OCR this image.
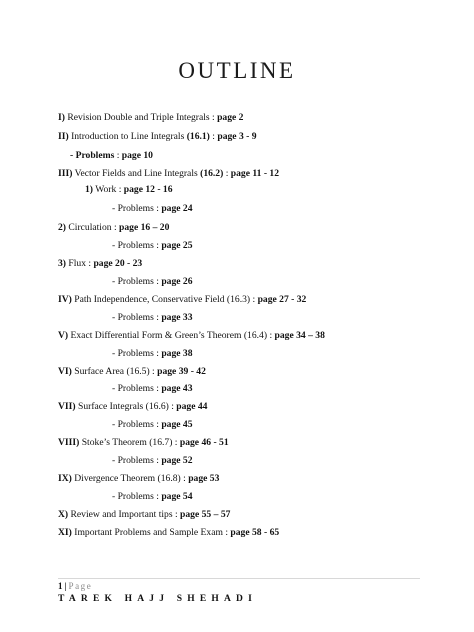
OUTLINE
I) Revision Double and Triple Integrals : page 2
II) Introduction to Line Integrals (16.1) : page 3 - 9
- Problems : page 10
III) Vector Fields and Line Integrals (16.2) : page 11 - 12
1) Work : page 12 - 16
- Problems : page 24
2) Circulation : page 16 – 20
- Problems : page 25
3) Flux : page 20 - 23
- Problems : page 26
IV) Path Independence, Conservative Field (16.3) : page 27 - 32
- Problems : page 33
V) Exact Differential Form & Green’s Theorem (16.4) : page 34 – 38
- Problems : page 38
VI) Surface Area (16.5) : page 39 - 42
- Problems : page 43
VII) Surface Integrals (16.6) : page 44
- Problems : page 45
VIII) Stoke’s Theorem (16.7) : page 46 - 51
- Problems : page 52
IX) Divergence Theorem (16.8) : page 53
- Problems : page 54
X) Review and Important tips : page 55 – 57
XI) Important Problems and Sample Exam : page 58 - 65
1 | Page
TAREK HAJJ SHEHADI
